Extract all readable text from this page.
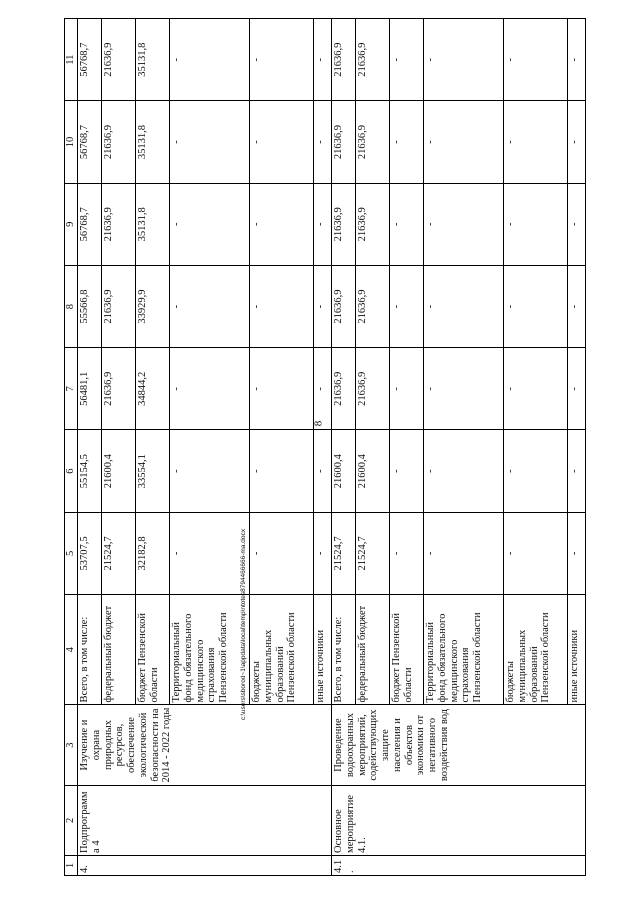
8
1	2	3	4	5	6	7	8	9	10	11
4.	Подпрограмма 4	Изучение и охрана природных ресурсов, обеспечение экологической безопасности на 2014 - 2022 годы	Всего, в том числе:	53707,5	55154,5	56481,1	55566,8	56768,7	56768,7	56768,7
			федеральный бюджет	21524,7	21600,4	21636,9	21636,9	21636,9	21636,9	21636,9
			бюджет Пензенской области	32182,8	33554,1	34844,2	33929,9	35131,8	35131,8	35131,8
			Территориальный фонд обязательного медицинского страхования Пензенской области	-	-	-	-	-	-	-
			бюджеты муниципальных образований Пензенской области	-	-	-	-	-	-	-
			иные источники	-	-	-	-	-	-	-
4.1.	Основное мероприятие 4.1.	Проведение водоохранных мероприятий, содействующих защите населения и объектов экономики от негативного воздействия вод	Всего, в том числе:	21524,7	21600,4	21636,9	21636,9	21636,9	21636,9	21636,9
			федеральный бюджет	21524,7	21600,4	21636,9	21636,9	21636,9	21636,9	21636,9
			бюджет Пензенской области	-	-	-	-	-	-	-
			Территориальный фонд обязательного медицинского страхования Пензенской области	-	-	-	-	-	-	-
			бюджеты муниципальных образований Пензенской области	-	-	-	-	-	-	-
			иные источники	-	-	-	-	-	-	-
c:\users\sborod~1\appdata\local\temp\ntotes8794466666-ma.docx
